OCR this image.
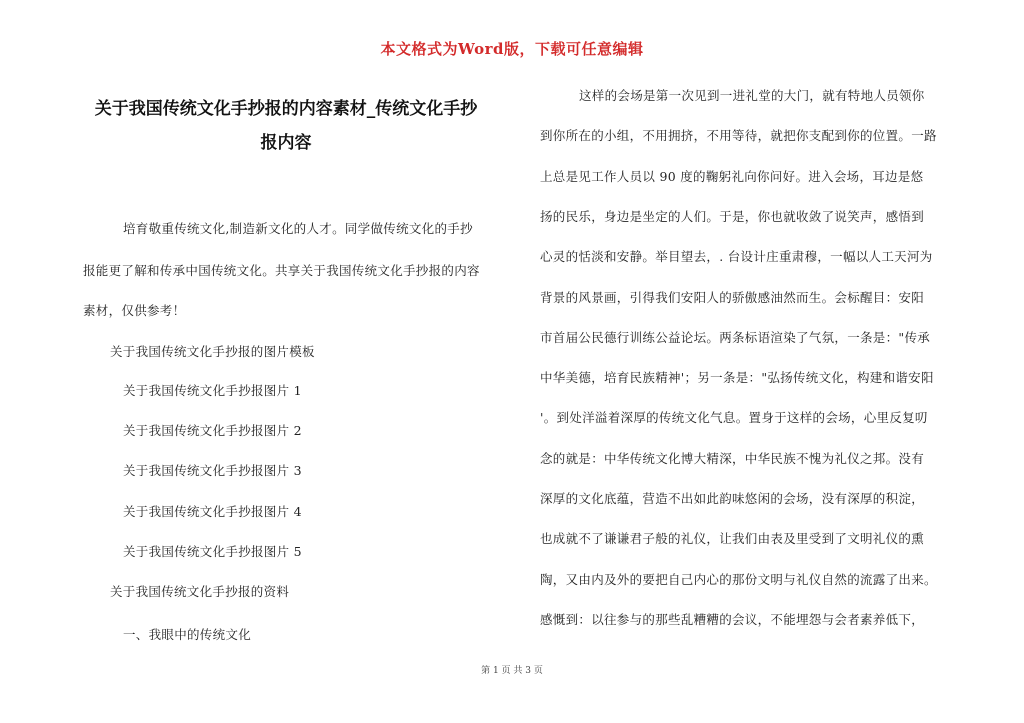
本文格式为Word版，下载可任意编辑
关于我国传统文化手抄报的内容素材_传统文化手抄
报内容
培育敬重传统文化,制造新文化的人才。同学做传统文化的手抄
报能更了解和传承中国传统文化。共享关于我国传统文化手抄报的内容
素材，仅供参考！
关于我国传统文化手抄报的图片模板
关于我国传统文化手抄报图片 1
关于我国传统文化手抄报图片 2
关于我国传统文化手抄报图片 3
关于我国传统文化手抄报图片 4
关于我国传统文化手抄报图片 5
关于我国传统文化手抄报的资料
一、我眼中的传统文化
这样的会场是第一次见到一进礼堂的大门，就有特地人员领你
到你所在的小组，不用拥挤，不用等待，就把你支配到你的位置。一路
上总是见工作人员以 90 度的鞠躬礼向你问好。进入会场，耳边是悠
扬的民乐，身边是坐定的人们。于是，你也就收敛了说笑声，感悟到
心灵的恬淡和安静。举目望去，. 台设计庄重肃穆，一幅以人工天河为
背景的风景画，引得我们安阳人的骄傲感油然而生。会标醒目：安阳
市首届公民德行训练公益论坛。两条标语渲染了气氛，一条是："传承
中华美德，培育民族精神'；另一条是："弘扬传统文化，构建和谐安阳
'。到处洋溢着深厚的传统文化气息。置身于这样的会场，心里反复叨
念的就是：中华传统文化博大精深，中华民族不愧为礼仪之邦。没有
深厚的文化底蕴，营造不出如此韵味悠闲的会场，没有深厚的积淀，
也成就不了谦谦君子般的礼仪，让我们由表及里受到了文明礼仪的熏
陶，又由内及外的要把自己内心的那份文明与礼仪自然的流露了出来。
感慨到：以往参与的那些乱糟糟的会议，不能埋怨与会者素养低下，
第 1 页 共 3 页
